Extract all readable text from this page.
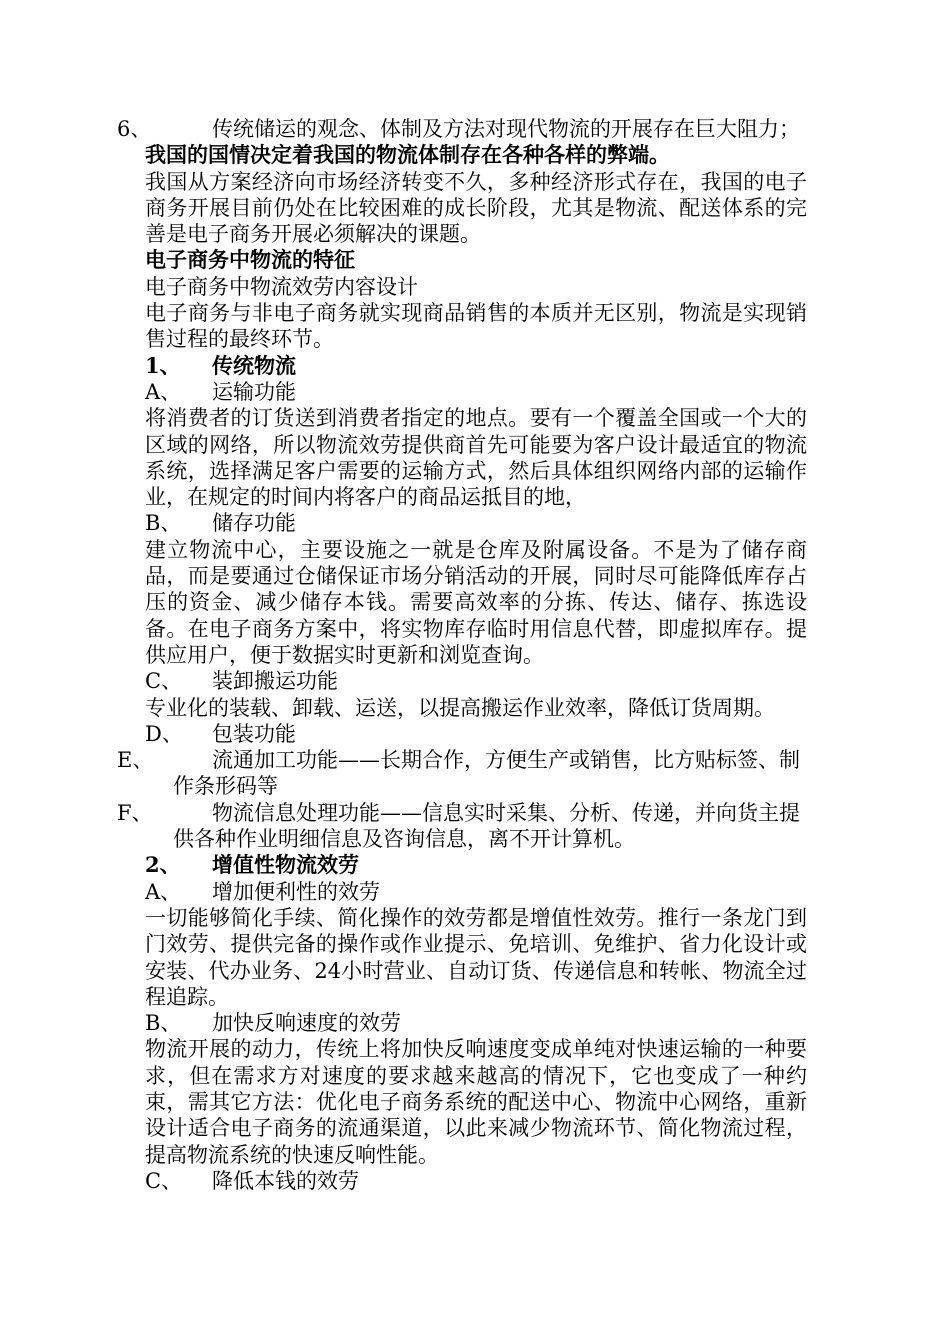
6、	传统储运的观念、体制及方法对现代物流的开展存在巨大阻力；

我国的国情决定着我国的物流体制存在各种各样的弊端。

我国从方案经济向市场经济转变不久，多种经济形式存在，我国的电子商务开展目前仍处在比较困难的成长阶段，尤其是物流、配送体系的完善是电子商务开展必须解决的课题。

电子商务中物流的特征

电子商务中物流效劳内容设计

电子商务与非电子商务就实现商品销售的本质并无区别，物流是实现销售过程的最终环节。

1、 传统物流
A、 运输功能

将消费者的订货送到消费者指定的地点。要有一个覆盖全国或一个大的区域的网络，所以物流效劳提供商首先可能要为客户设计最适宜的物流系统，选择满足客户需要的运输方式，然后具体组织网络内部的运输作业，在规定的时间内将客户的商品运抵目的地，

B、 储存功能

建立物流中心，主要设施之一就是仓库及附属设备。不是为了储存商品，而是要通过仓储保证市场分销活动的开展，同时尽可能降低库存占压的资金、减少储存本钱。需要高效率的分拣、传达、储存、拣选设备。在电子商务方案中，将实物库存临时用信息代替，即虚拟库存。提供应用户，便于数据实时更新和浏览查询。

C、 装卸搬运功能

专业化的装载、卸载、运送，以提高搬运作业效率，降低订货周期。

D、 包装功能
E、	流通加工功能——长期合作，方便生产或销售，比方贴标签、制作条形码等
F、	物流信息处理功能——信息实时采集、分析、传递，并向货主提供各种作业明细信息及咨询信息，离不开计算机。
2、 增值性物流效劳
A、 增加便利性的效劳

一切能够简化手续、简化操作的效劳都是增值性效劳。推行一条龙门到门效劳、提供完备的操作或作业提示、免培训、免维护、省力化设计或安装、代办业务、24小时营业、自动订货、传递信息和转帐、物流全过程追踪。

B、 加快反响速度的效劳

物流开展的动力，传统上将加快反响速度变成单纯对快速运输的一种要求，但在需求方对速度的要求越来越高的情况下，它也变成了一种约束，需其它方法：优化电子商务系统的配送中心、物流中心网络，重新设计适合电子商务的流通渠道，以此来减少物流环节、简化物流过程，提高物流系统的快速反响性能。

C、 降低本钱的效劳
